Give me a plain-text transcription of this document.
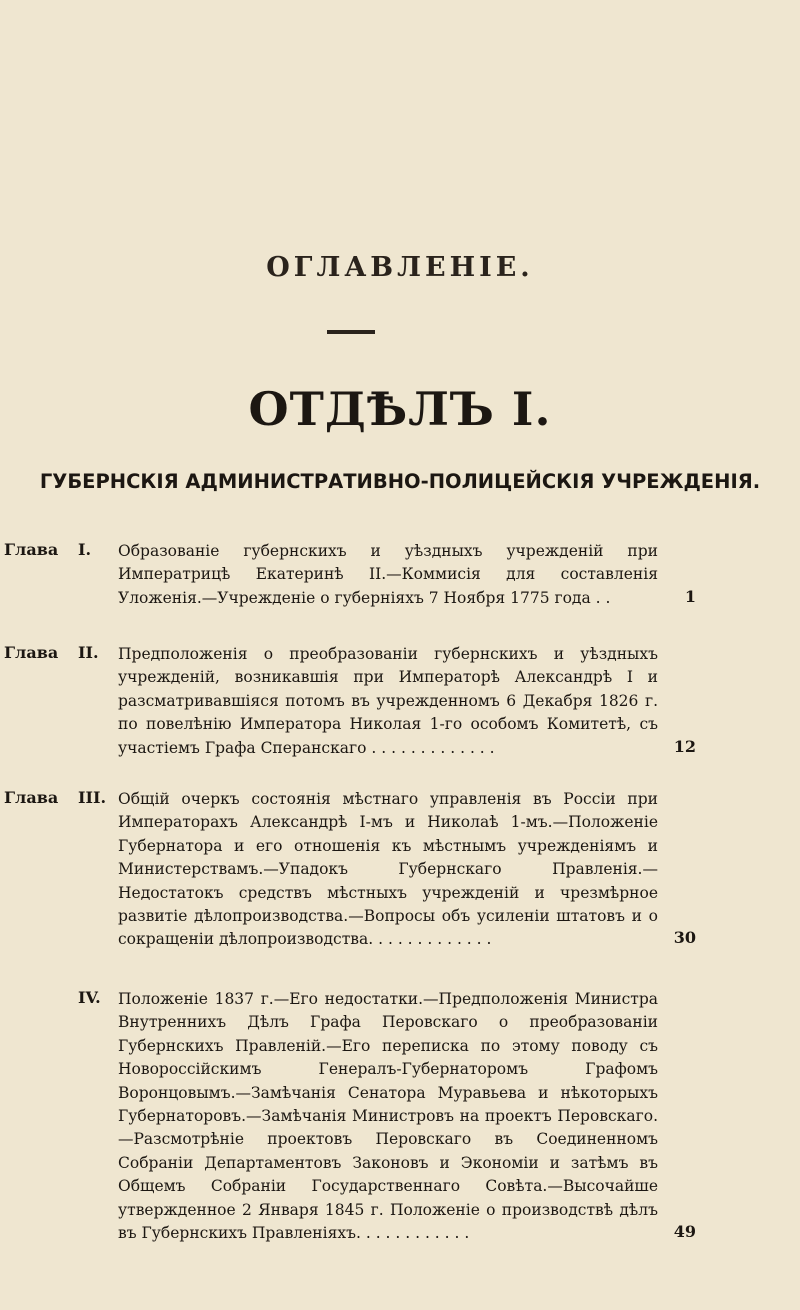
ОГЛАВЛЕНІЕ.
ОТДѢЛЪ I.
ГУБЕРНСКІЯ АДМИНИСТРАТИВНО-ПОЛИЦЕЙСКІЯ УЧРЕЖДЕНІЯ.
Глава I. Образованіе губернскихъ и уѣздныхъ учрежденій при Императрицѣ Екатеринѣ II.—Коммисія для составленія Уложенія.—Учрежденіе о губерніяхъ 7 Ноября 1775 года . .	1
Глава II. Предположенія о преобразованіи губернскихъ и уѣздныхъ учрежденій, возникавшія при Императорѣ Александрѣ I и разсматривавшіяся потомъ въ учрежденномъ 6 Декабря 1826 г. по повелѣнію Императора Николая 1-го особомъ Комитетѣ, съ участіемъ Графа Сперанскаго . . . . . . . . . . . . .	12
Глава III. Общій очеркъ состоянія мѣстнаго управленія въ Россіи при Императорахъ Александрѣ I-мъ и Николаѣ 1-мъ.—Положеніе Губернатора и его отношенія къ мѣстнымъ учрежденіямъ и Министерствамъ.—Упадокъ Губернскаго Правленія.—Недостатокъ средствъ мѣстныхъ учрежденій и чрезмѣрное развитіе дѣлопроизводства.—Вопросы объ усиленіи штатовъ и о сокращеніи дѣлопроизводства. . . . . . . . . . . . .	30
IV. Положеніе 1837 г.—Его недостатки.—Предположенія Министра Внутреннихъ Дѣлъ Графа Перовскаго о преобразованіи Губернскихъ Правленій.—Его переписка по этому поводу съ Новороссійскимъ Генералъ-Губернаторомъ Графомъ Воронцовымъ.—Замѣчанія Сенатора Муравьева и нѣкоторыхъ Губернаторовъ.—Замѣчанія Министровъ на проектъ Перовскаго.—Разсмотрѣніе проектовъ Перовскаго въ Соединенномъ Собраніи Департаментовъ Законовъ и Экономіи и затѣмъ въ Общемъ Собраніи Государственнаго Совѣта.—Высочайше утвержденное 2 Января 1845 г. Положеніе о производствѣ дѣлъ въ Губернскихъ Правленіяхъ. . . . . . . . . . . .	49
